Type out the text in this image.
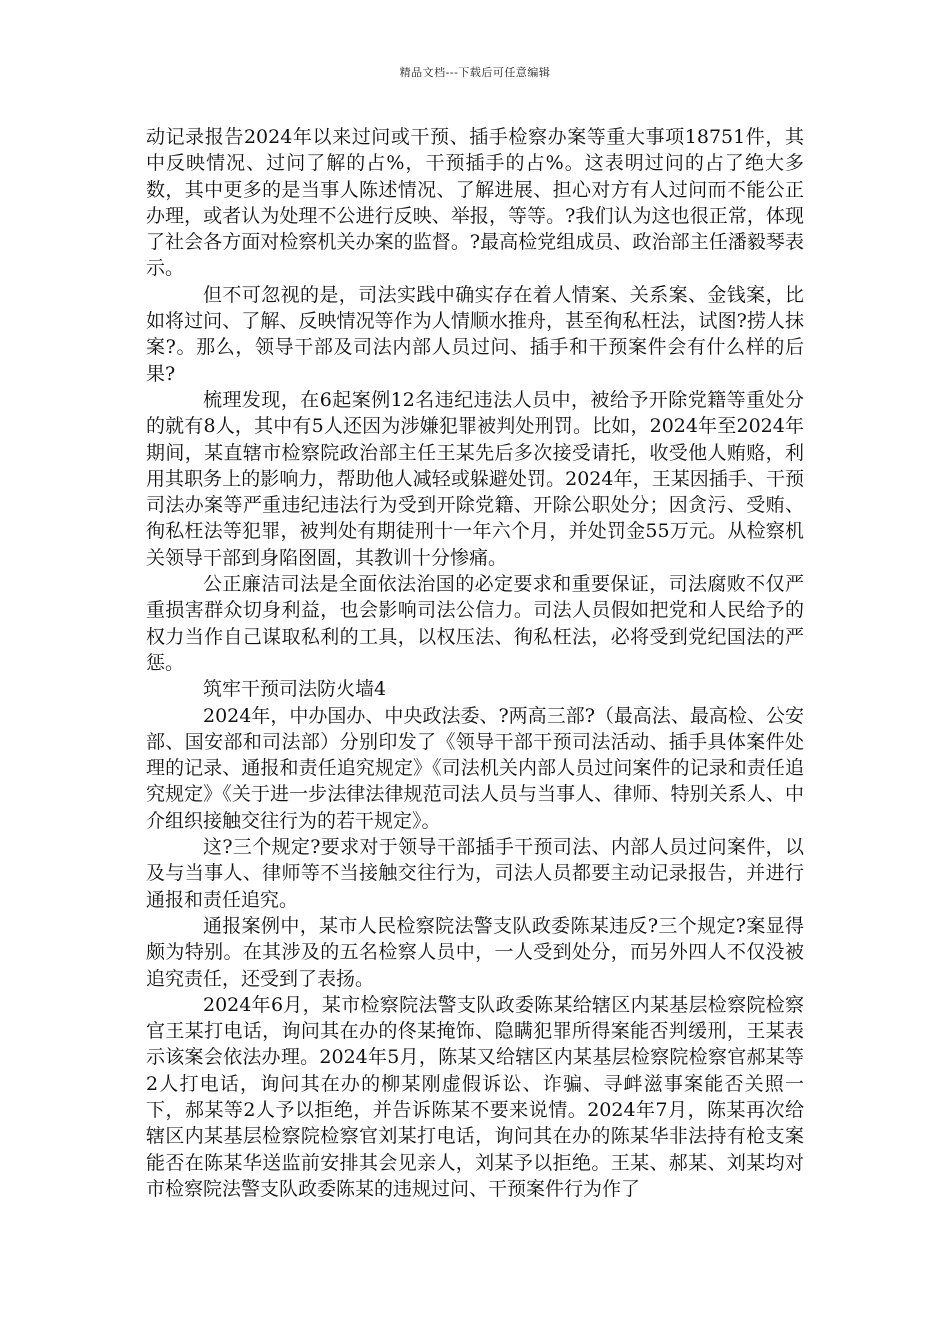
精品文档---下载后可任意编辑

动记录报告2024年以来过问或干预、插手检察办案等重大事项18751件，其中反映情况、过问了解的占%，干预插手的占%。这表明过问的占了绝大多数，其中更多的是当事人陈述情况、了解进展、担心对方有人过问而不能公正办理，或者认为处理不公进行反映、举报，等等。?我们认为这也很正常，体现了社会各方面对检察机关办案的监督。?最高检党组成员、政治部主任潘毅琴表示。

但不可忽视的是，司法实践中确实存在着人情案、关系案、金钱案，比如将过问、了解、反映情况等作为人情顺水推舟，甚至徇私枉法，试图?捞人抹案?。那么，领导干部及司法内部人员过问、插手和干预案件会有什么样的后果?

梳理发现，在6起案例12名违纪违法人员中，被给予开除党籍等重处分的就有8人，其中有5人还因为涉嫌犯罪被判处刑罚。比如，2024年至2024年期间，某直辖市检察院政治部主任王某先后多次接受请托，收受他人贿赂，利用其职务上的影响力，帮助他人减轻或躲避处罚。2024年，王某因插手、干预司法办案等严重违纪违法行为受到开除党籍、开除公职处分；因贪污、受贿、徇私枉法等犯罪，被判处有期徒刑十一年六个月，并处罚金55万元。从检察机关领导干部到身陷囹圄，其教训十分惨痛。

公正廉洁司法是全面依法治国的必定要求和重要保证，司法腐败不仅严重损害群众切身利益，也会影响司法公信力。司法人员假如把党和人民给予的权力当作自己谋取私利的工具，以权压法、徇私枉法，必将受到党纪国法的严惩。

筑牢干预司法防火墙4

2024年，中办国办、中央政法委、?两高三部?（最高法、最高检、公安部、国安部和司法部）分别印发了《领导干部干预司法活动、插手具体案件处理的记录、通报和责任追究规定》《司法机关内部人员过问案件的记录和责任追究规定》《关于进一步法律法律规范司法人员与当事人、律师、特别关系人、中介组织接触交往行为的若干规定》。

这?三个规定?要求对于领导干部插手干预司法、内部人员过问案件，以及与当事人、律师等不当接触交往行为，司法人员都要主动记录报告，并进行通报和责任追究。

通报案例中，某市人民检察院法警支队政委陈某违反?三个规定?案显得颇为特别。在其涉及的五名检察人员中，一人受到处分，而另外四人不仅没被追究责任，还受到了表扬。

2024年6月，某市检察院法警支队政委陈某给辖区内某基层检察院检察官王某打电话，询问其在办的佟某掩饰、隐瞒犯罪所得案能否判缓刑，王某表示该案会依法办理。2024年5月，陈某又给辖区内某基层检察院检察官郝某等2人打电话，询问其在办的柳某刚虚假诉讼、诈骗、寻衅滋事案能否关照一下，郝某等2人予以拒绝，并告诉陈某不要来说情。2024年7月，陈某再次给辖区内某基层检察院检察官刘某打电话，询问其在办的陈某华非法持有枪支案能否在陈某华送监前安排其会见亲人，刘某予以拒绝。王某、郝某、刘某均对市检察院法警支队政委陈某的违规过问、干预案件行为作了
